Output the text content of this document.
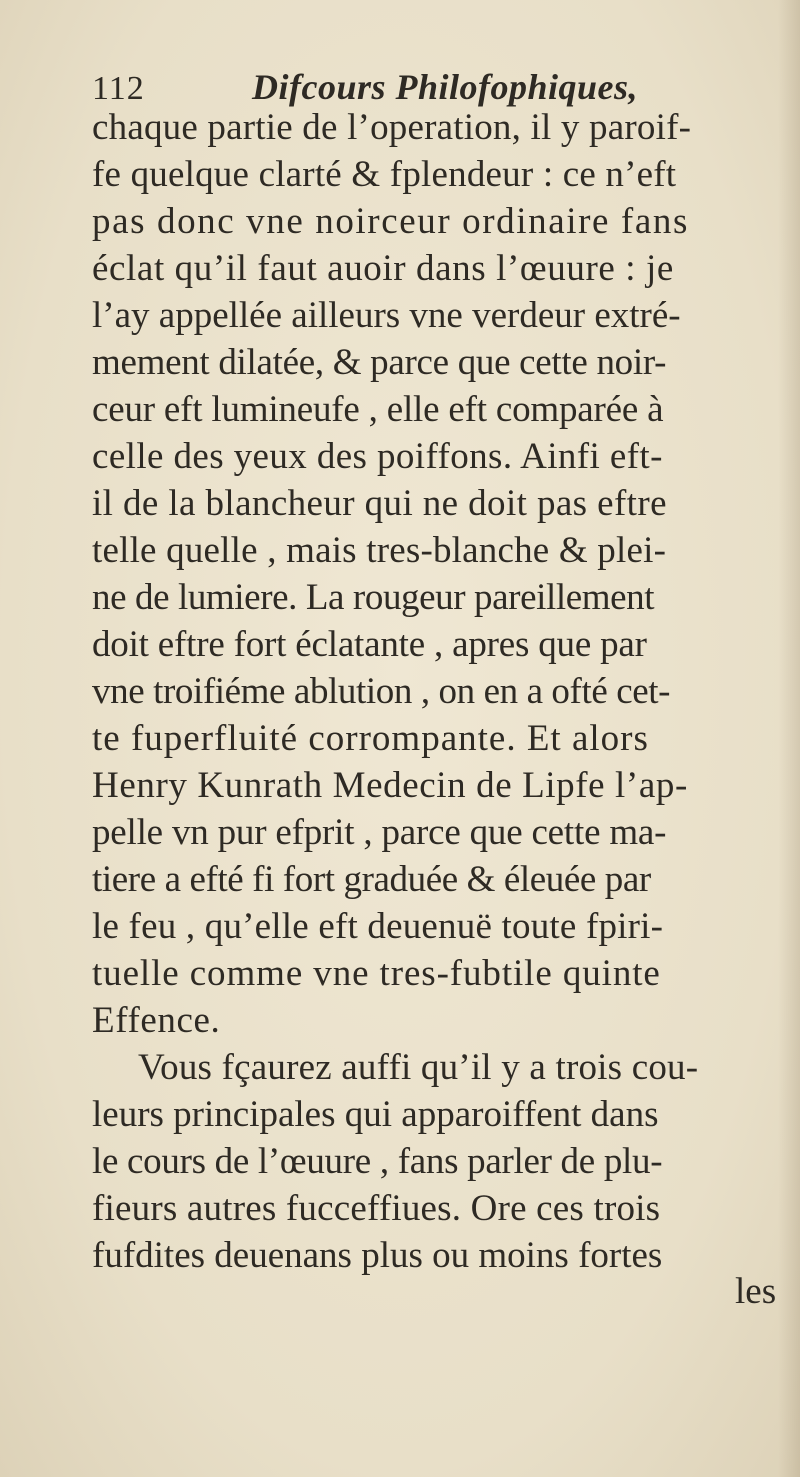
112	Difcours Philofophiques,
chaque partie de l’operation, il y paroif-
fe quelque clarté & fplendeur : ce n’eft
pas donc vne noirceur ordinaire fans
éclat qu’il faut auoir dans l’œuure : je
l’ay appellée ailleurs vne verdeur extré-
mement dilatée, & parce que cette noir-
ceur eft lumineufe , elle eft comparée à
celle des yeux des poiffons. Ainfi eft-
il de la blancheur qui ne doit pas eftre
telle quelle , mais tres-blanche & plei-
ne de lumiere. La rougeur pareillement
doit eftre fort éclatante , apres que par
vne troifiéme ablution , on en a ofté cet-
te fuperfluité corrompante. Et alors
Henry Kunrath Medecin de Lipfe l’ap-
pelle vn pur efprit , parce que cette ma-
tiere a efté fi fort graduée & éleuée par
le feu , qu’elle eft deuenuë toute fpiri-
tuelle comme vne tres-fubtile quinte
Effence.
Vous fçaurez auffi qu’il y a trois cou-
leurs principales qui apparoiffent dans
le cours de l’œuure , fans parler de plu-
fieurs autres fucceffiues. Ore ces trois
fufdites deuenans plus ou moins fortes
les
